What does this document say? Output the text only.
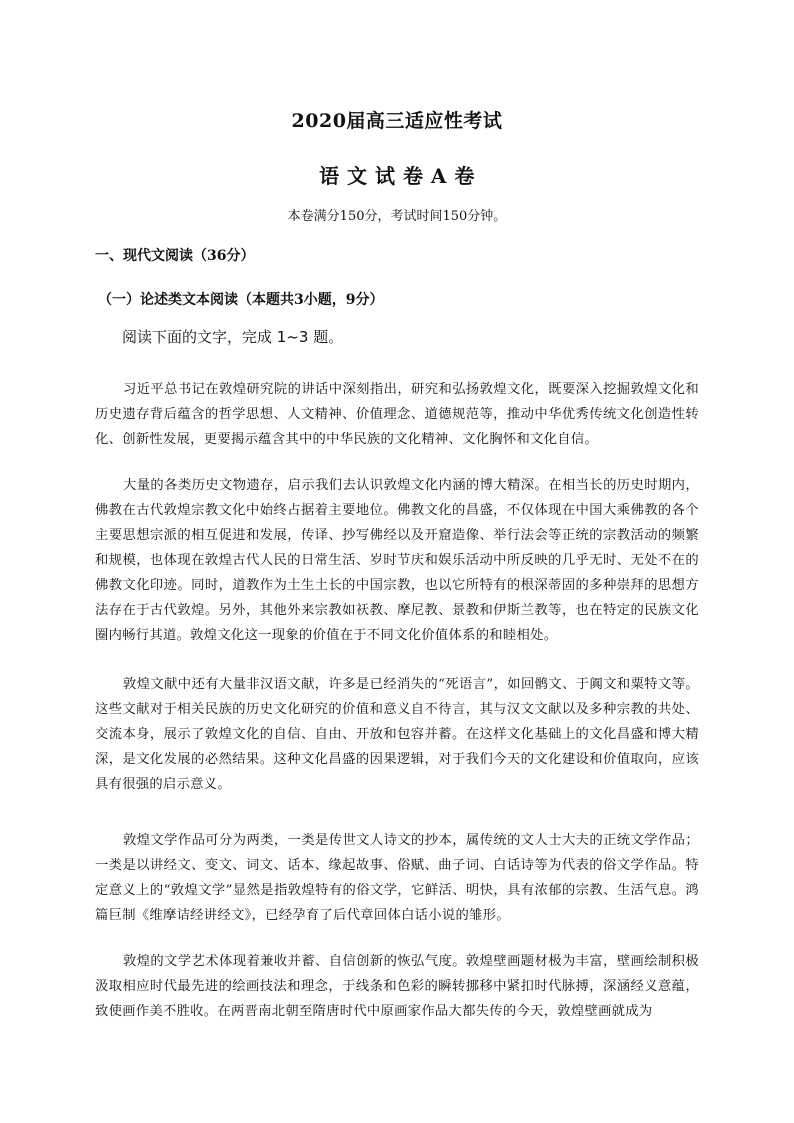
2020届高三适应性考试
语 文 试 卷 A 卷
本卷满分150分，考试时间150分钟。
一、现代文阅读（36分）
（一）论述类文本阅读（本题共3小题，9分）
阅读下面的文字，完成 1~3 题。

习近平总书记在敦煌研究院的讲话中深刻指出，研究和弘扬敦煌文化，既要深入挖掘敦煌文化和历史遗存背后蕴含的哲学思想、人文精神、价值理念、道德规范等，推动中华优秀传统文化创造性转化、创新性发展，更要揭示蕴含其中的中华民族的文化精神、文化胸怀和文化自信。

大量的各类历史文物遗存，启示我们去认识敦煌文化内涵的博大精深。在相当长的历史时期内，佛教在古代敦煌宗教文化中始终占据着主要地位。佛教文化的昌盛，不仅体现在中国大乘佛教的各个主要思想宗派的相互促进和发展，传译、抄写佛经以及开窟造像、举行法会等正统的宗教活动的频繁和规模，也体现在敦煌古代人民的日常生活、岁时节庆和娱乐活动中所反映的几乎无时、无处不在的佛教文化印迹。同时，道教作为土生土长的中国宗教，也以它所特有的根深蒂固的多种崇拜的思想方法存在于古代敦煌。另外，其他外来宗教如祆教、摩尼教、景教和伊斯兰教等，也在特定的民族文化圈内畅行其道。敦煌文化这一现象的价值在于不同文化价值体系的和睦相处。

敦煌文献中还有大量非汉语文献，许多是已经消失的“死语言”，如回鹘文、于阗文和粟特文等。这些文献对于相关民族的历史文化研究的价值和意义自不待言，其与汉文文献以及多种宗教的共处、交流本身，展示了敦煌文化的自信、自由、开放和包容并蓄。在这样文化基础上的文化昌盛和博大精深，是文化发展的必然结果。这种文化昌盛的因果逻辑，对于我们今天的文化建设和价值取向，应该具有很强的启示意义。

敦煌文学作品可分为两类，一类是传世文人诗文的抄本，属传统的文人士大夫的正统文学作品；一类是以讲经文、变文、词文、话本、缘起故事、俗赋、曲子词、白话诗等为代表的俗文学作品。特定意义上的“敦煌文学”显然是指敦煌特有的俗文学，它鲜活、明快，具有浓郁的宗教、生活气息。鸿篇巨制《维摩诘经讲经文》，已经孕育了后代章回体白话小说的雏形。

敦煌的文学艺术体现着兼收并蓄、自信创新的恢弘气度。敦煌壁画题材极为丰富，壁画绘制积极汲取相应时代最先进的绘画技法和理念，于线条和色彩的瞬转挪移中紧扣时代脉搏，深涵经义意蕴，致使画作美不胜收。在两晋南北朝至隋唐时代中原画家作品大都失传的今天，敦煌壁画就成为
